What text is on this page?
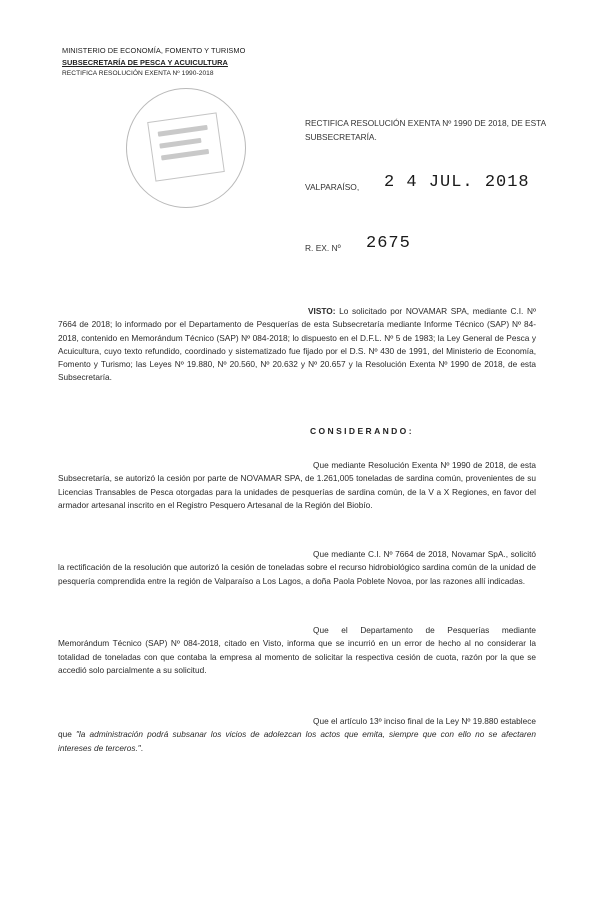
MINISTERIO DE ECONOMÍA, FOMENTO Y TURISMO
SUBSECRETARÍA DE PESCA Y ACUICULTURA
RECTIFICA RESOLUCIÓN EXENTA Nº 1990-2018
RECTIFICA RESOLUCIÓN EXENTA Nº 1990 DE 2018, DE ESTA SUBSECRETARÍA.
VALPARAÍSO, 2 4 JUL. 2018
R. EX. Nº 2675
VISTO: Lo solicitado por NOVAMAR SPA, mediante C.I. Nº 7664 de 2018; lo informado por el Departamento de Pesquerías de esta Subsecretaría mediante Informe Técnico (SAP) Nº 84-2018, contenido en Memorándum Técnico (SAP) Nº 084-2018; lo dispuesto en el D.F.L. Nº 5 de 1983; la Ley General de Pesca y Acuicultura, cuyo texto refundido, coordinado y sistematizado fue fijado por el D.S. Nº 430 de 1991, del Ministerio de Economía, Fomento y Turismo; las Leyes Nº 19.880, Nº 20.560, Nº 20.632 y Nº 20.657 y la Resolución Exenta Nº 1990 de 2018, de esta Subsecretaría.
CONSIDERANDO:
Que mediante Resolución Exenta Nº 1990 de 2018, de esta Subsecretaría, se autorizó la cesión por parte de NOVAMAR SPA, de 1.261,005 toneladas de sardina común, provenientes de su Licencias Transables de Pesca otorgadas para la unidades de pesquerías de sardina común, de la V a X Regiones, en favor del armador artesanal inscrito en el Registro Pesquero Artesanal de la Región del Biobío.
Que mediante C.I. Nº 7664 de 2018, Novamar SpA., solicitó la rectificación de la resolución que autorizó la cesión de toneladas sobre el recurso hidrobiológico sardina común de la unidad de pesquería comprendida entre la región de Valparaíso a Los Lagos, a doña Paola Poblete Novoa, por las razones allí indicadas.
Que el Departamento de Pesquerías mediante Memorándum Técnico (SAP) Nº 084-2018, citado en Visto, informa que se incurrió en un error de hecho al no considerar la totalidad de toneladas con que contaba la empresa al momento de solicitar la respectiva cesión de cuota, razón por la que se accedió solo parcialmente a su solicitud.
Que el artículo 13º inciso final de la Ley Nº 19.880 establece que "la administración podrá subsanar los vicios de adolezcan los actos que emita, siempre que con ello no se afectaren intereses de terceros.".
